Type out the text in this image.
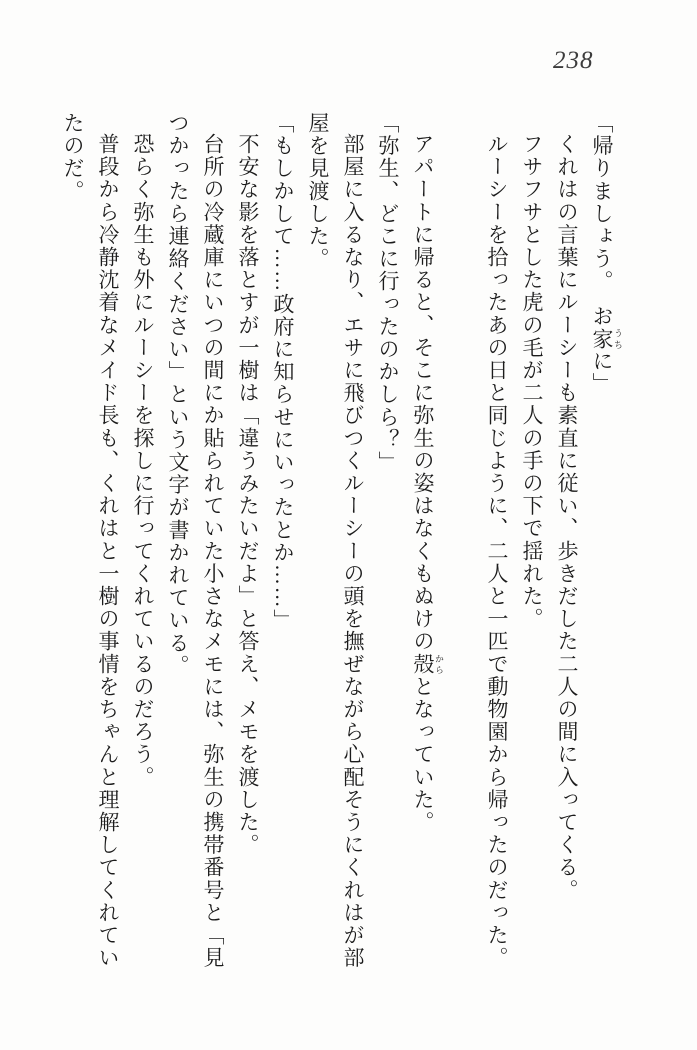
238

「帰りましょう。　お家 うちに」

くれはの言葉にルーシーも素直に従い、歩きだした二人の間に入ってくる。

フサフサとした虎の毛が二人の手の下で揺れた。

ルーシーを拾ったあの日と同じように、二人と一匹で動物園から帰ったのだった。

アパートに帰ると、そこに弥生の姿はなくもぬけの殻 からとなっていた。

「弥生、どこに行ったのかしら？」

部屋に入るなり、エサに飛びつくルーシーの頭を撫ぜながら心配そうにくれはが部屋を見渡した。

「もしかして……政府に知らせにいったとか……」

不安な影を落とすが一樹は「違うみたいだよ」と答え、メモを渡した。

台所の冷蔵庫にいつの間にか貼られていた小さなメモには、弥生の携帯番号と「見つかったら連絡ください」という文字が書かれている。

恐らく弥生も外にルーシーを探しに行ってくれているのだろう。

普段から冷静沈着なメイド長も、くれはと一樹の事情をちゃんと理解してくれていたのだ。
